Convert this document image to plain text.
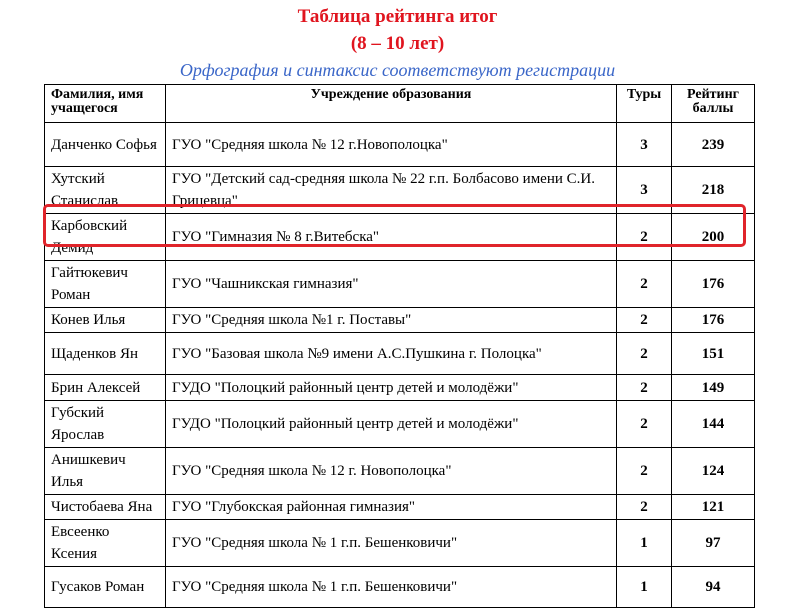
Таблица рейтинга итог
(8 – 10 лет)
Орфография и синтаксис соответствуют регистрации
Фамилия, имя учащегося	Учреждение образования	Туры	Рейтинг баллы
Данченко Софья	ГУО "Средняя школа № 12 г.Новополоцка"	3	239
Хутский Станислав	ГУО "Детский сад-средняя школа № 22 г.п. Болбасово имени С.И. Грицевца"	3	218
Карбовский Демид	ГУО "Гимназия № 8 г.Витебска"	2	200
Гайтюкевич Роман	ГУО "Чашникская гимназия"	2	176
Конев Илья	ГУО "Средняя школа №1 г. Поставы"	2	176
Щаденков Ян	ГУО "Базовая школа №9 имени А.С.Пушкина г. Полоцка"	2	151
Брин Алексей	ГУДО "Полоцкий районный центр детей и молодёжи"	2	149
Губский Ярослав	ГУДО "Полоцкий районный центр детей и молодёжи"	2	144
Анишкевич Илья	ГУО "Средняя школа № 12 г. Новополоцка"	2	124
Чистобаева Яна	ГУО "Глубокская районная гимназия"	2	121
Евсеенко Ксения	ГУО "Средняя школа № 1 г.п. Бешенковичи"	1	97
Гусаков Роман	ГУО "Средняя школа № 1 г.п. Бешенковичи"	1	94
